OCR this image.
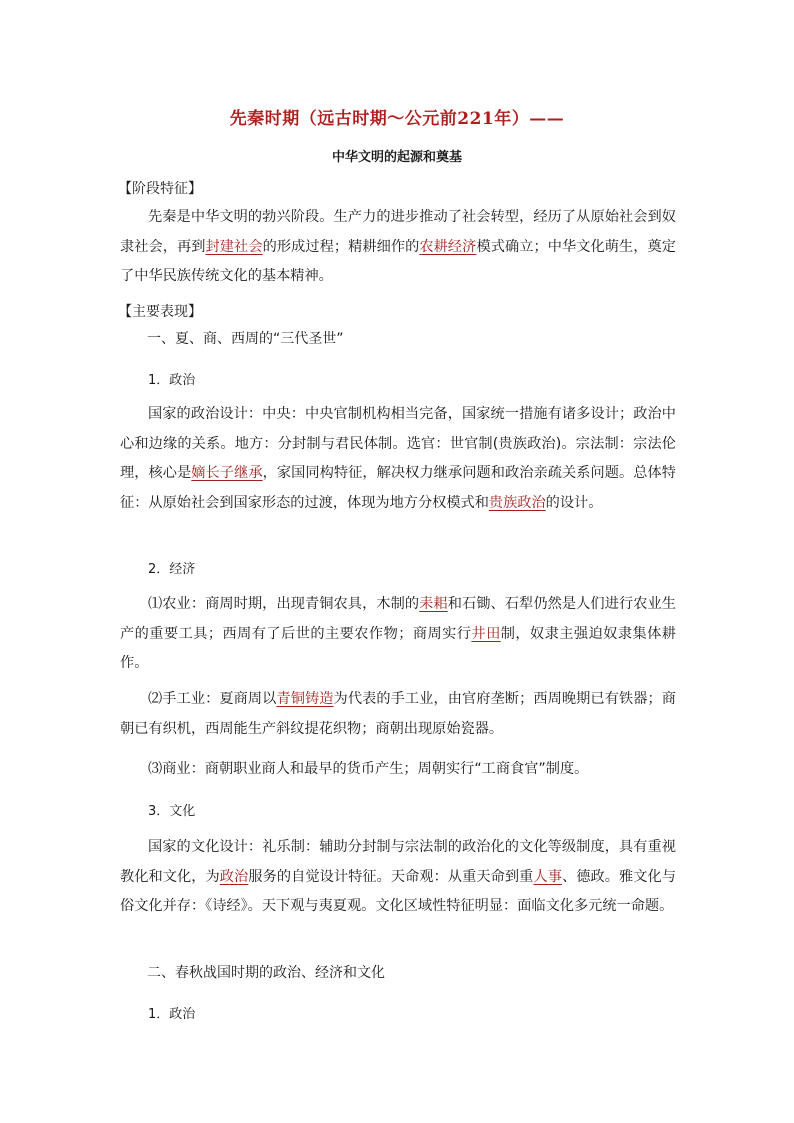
先秦时期（远古时期～公元前221年）——
中华文明的起源和奠基
【阶段特征】
先秦是中华文明的勃兴阶段。生产力的进步推动了社会转型，经历了从原始社会到奴隶社会，再到封建社会的形成过程；精耕细作的农耕经济模式确立；中华文化萌生，奠定了中华民族传统文化的基本精神。
【主要表现】
一、夏、商、西周的“三代圣世”
1．政治
国家的政治设计：中央：中央官制机构相当完备，国家统一措施有诸多设计；政治中心和边缘的关系。地方：分封制与君民体制。选官：世官制(贵族政治)。宗法制：宗法伦理，核心是嫡长子继承，家国同构特征，解决权力继承问题和政治亲疏关系问题。总体特征：从原始社会到国家形态的过渡，体现为地方分权模式和贵族政治的设计。
2．经济
⑴农业：商周时期，出现青铜农具，木制的耒耜和石锄、石犁仍然是人们进行农业生产的重要工具；西周有了后世的主要农作物；商周实行井田制，奴隶主强迫奴隶集体耕作。
⑵手工业：夏商周以青铜铸造为代表的手工业，由官府垄断；西周晚期已有铁器；商朝已有织机，西周能生产斜纹提花织物；商朝出现原始瓷器。
⑶商业：商朝职业商人和最早的货币产生；周朝实行“工商食官”制度。
3．文化
国家的文化设计：礼乐制：辅助分封制与宗法制的政治化的文化等级制度，具有重视教化和文化，为政治服务的自觉设计特征。天命观：从重天命到重人事、德政。雅文化与俗文化并存：《诗经》。天下观与夷夏观。文化区域性特征明显：面临文化多元统一命题。
二、春秋战国时期的政治、经济和文化
1．政治
